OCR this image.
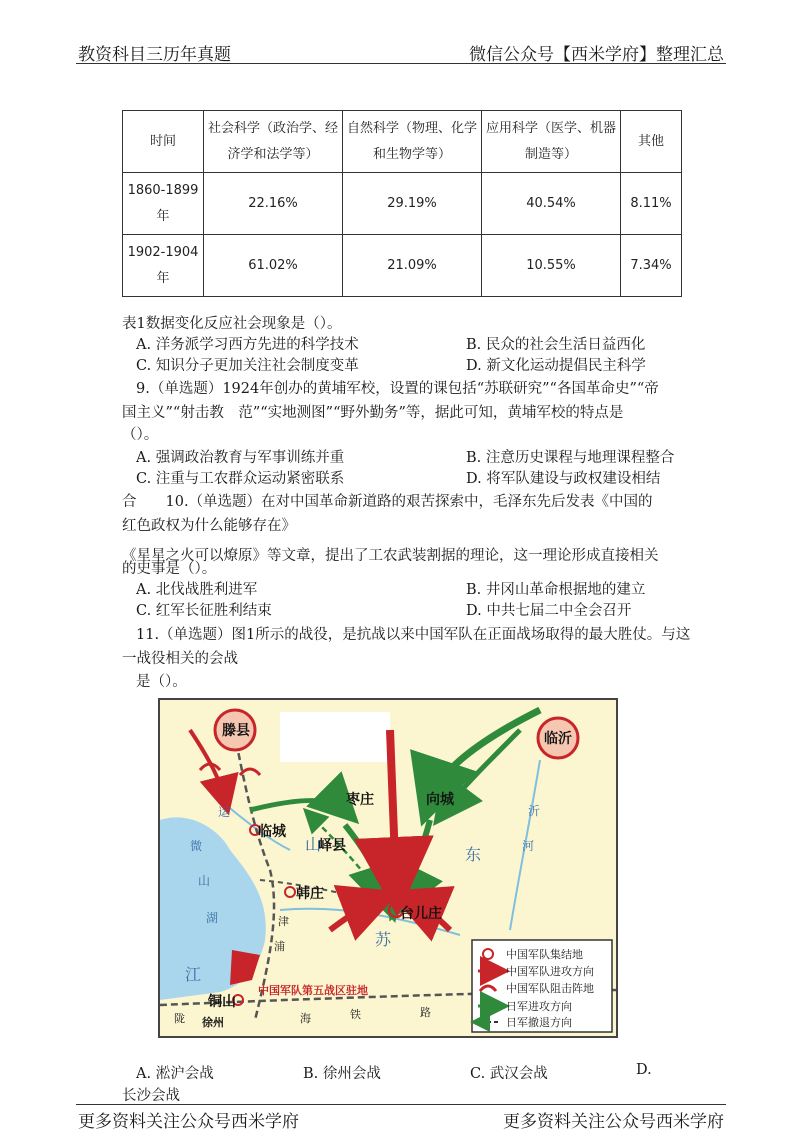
教资科目三历年真题	微信公众号【西米学府】整理汇总
时间	社会科学（政治学、经济学和法学等）	自然科学（物理、化学和生物学等）	应用科学（医学、机器制造等）	其他
1860-1899年	22.16%	29.19%	40.54%	8.11%
1902-1904年	61.02%	21.09%	10.55%	7.34%
表1数据变化反应社会现象是（）。
A. 洋务派学习西方先进的科学技术	B. 民众的社会生活日益西化
C. 知识分子更加关注社会制度变革	D. 新文化运动提倡民主科学
9.（单选题）1924年创办的黄埔军校，设置的课包括“苏联研究”“各国革命史”“帝
国主义”“射击教　范”“实地测图”“野外勤务”等，据此可知，黄埔军校的特点是
（）。
A. 强调政治教育与军事训练并重	B. 注意历史课程与地理课程整合
C. 注重与工农群众运动紧密联系	D. 将军队建设与政权建设相结
合　　10.（单选题）在对中国革命新道路的艰苦探索中，毛泽东先后发表《中国的
红色政权为什么能够存在》
《星星之火可以燎原》等文章，提出了工农武装割据的理论，这一理论形成直接相关
的史事是（）。
A. 北伐战胜利进军	B. 井冈山革命根据地的建立
C. 红军长征胜利结束	D. 中共七届二中全会召开
11.（单选题）图1所示的战役，是抗战以来中国军队在正面战场取得的最大胜仗。与这
一战役相关的会战
是（）。
中国军队集结地
中国军队进攻方向
中国军队阻击阵地
日军进攻方向
日军撤退方向
滕县	临沂
枣庄	向城
临城
峄县
韩庄
台儿庄
铜山
徐州
中国军队第五战区驻地
山
东
江
苏
沂
河
运
微
山
湖	津
浦
陇	海	铁	路
A. 淞沪会战	B. 徐州会战	C. 武汉会战	D.
长沙会战
更多资料关注公众号西米学府	更多资料关注公众号西米学府
